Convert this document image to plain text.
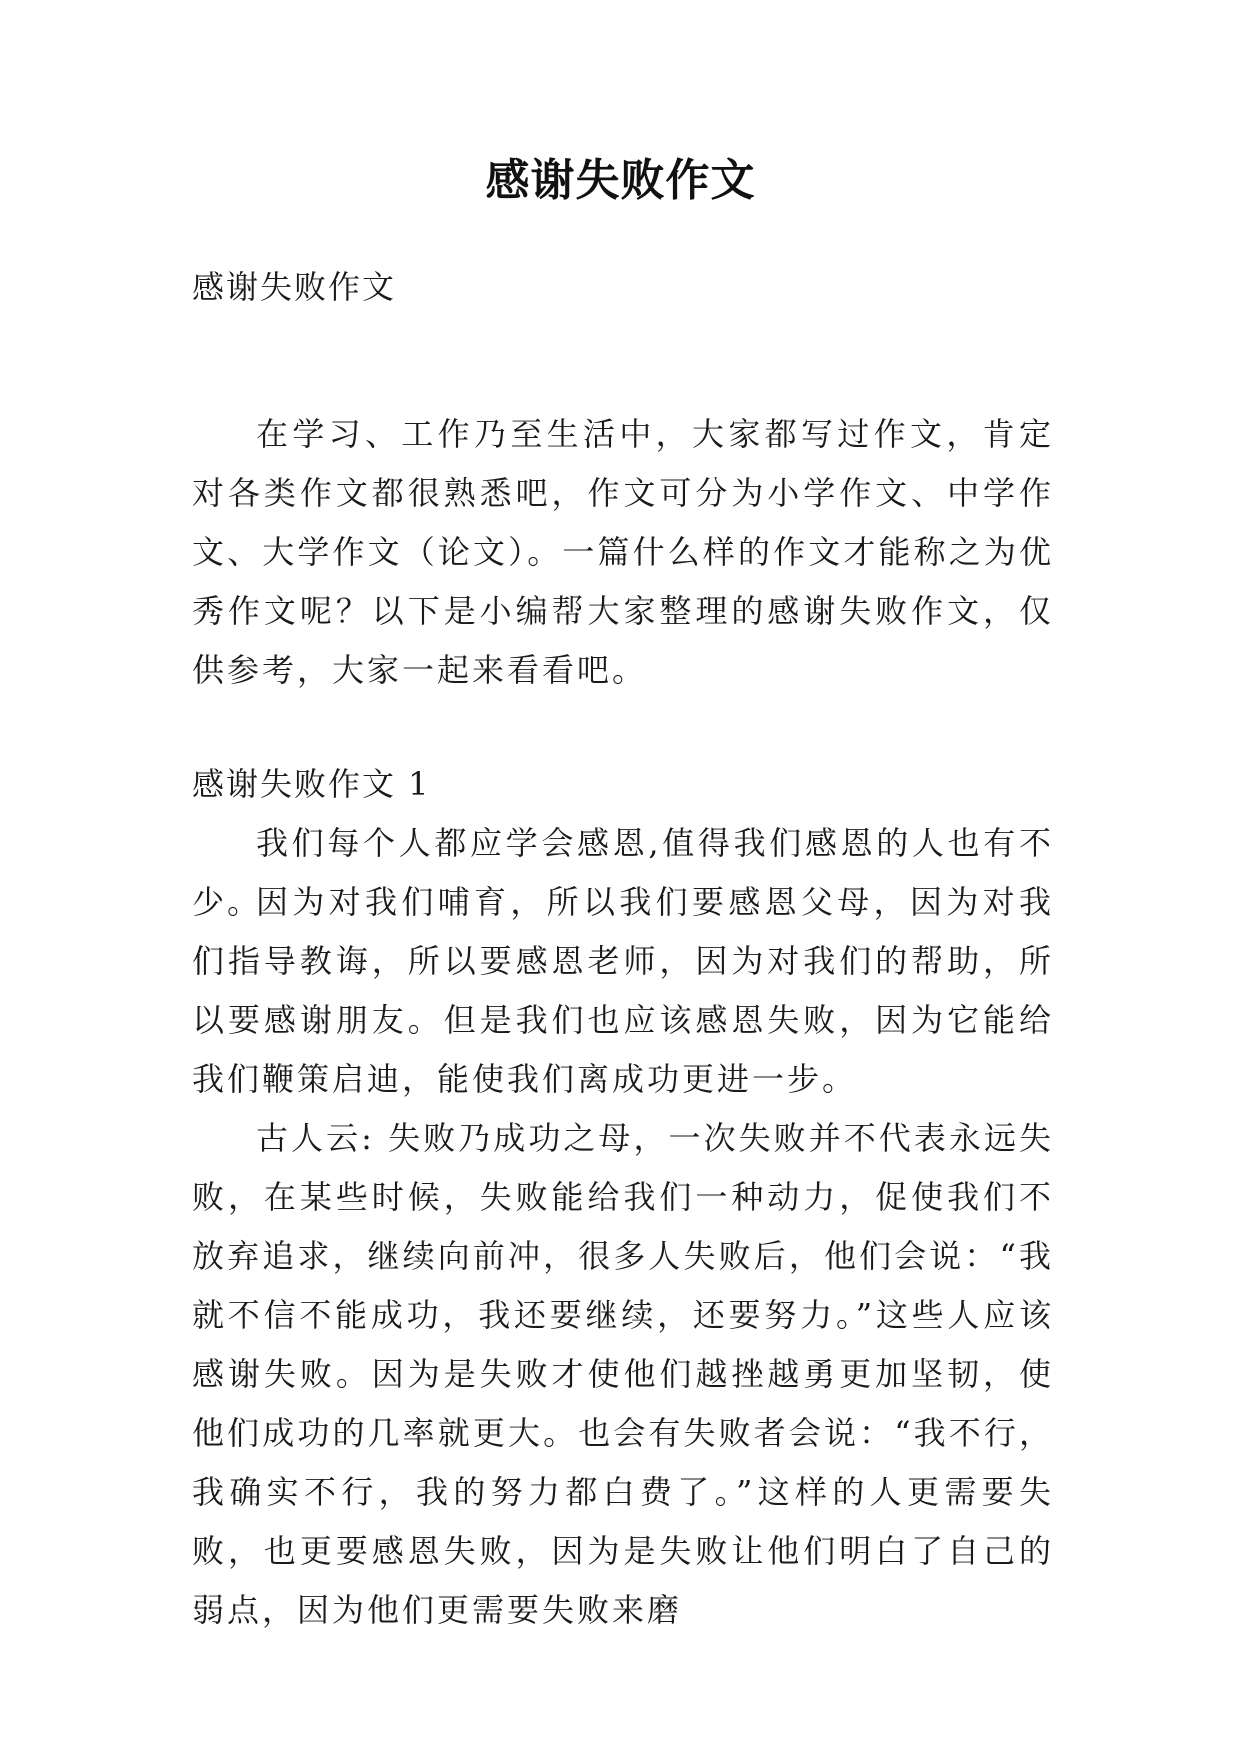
感谢失败作文

感谢失败作文

在学习、工作乃至生活中，大家都写过作文，肯定对各类作文都很熟悉吧，作文可分为小学作文、中学作文、大学作文（论文）。一篇什么样的作文才能称之为优秀作文呢？以下是小编帮大家整理的感谢失败作文，仅供参考，大家一起来看看吧。

感谢失败作文 1

我们每个人都应学会感恩,值得我们感恩的人也有不少。

因为对我们哺育，所以我们要感恩父母，因为对我们指导教诲，所以要感恩老师，因为对我们的帮助，所以要感谢朋友。但是我们也应该感恩失败，因为它能给我们鞭策启迪，能使我们离成功更进一步。

古人云: 失败乃成功之母，一次失败并不代表永远失败，在某些时候，失败能给我们一种动力，促使我们不放弃追求，继续向前冲，很多人失败后，他们会说：“我就不信不能成功，我还要继续，还要努力。”这些人应该感谢失败。因为是失败才使他们越挫越勇更加坚韧，使他们成功的几率就更大。也会有失败者会说：“我不行，我确实不行，我的努力都白费了。”这样的人更需要失败，也更要感恩失败，因为是失败让他们明白了自己的弱点，因为他们更需要失败来磨
